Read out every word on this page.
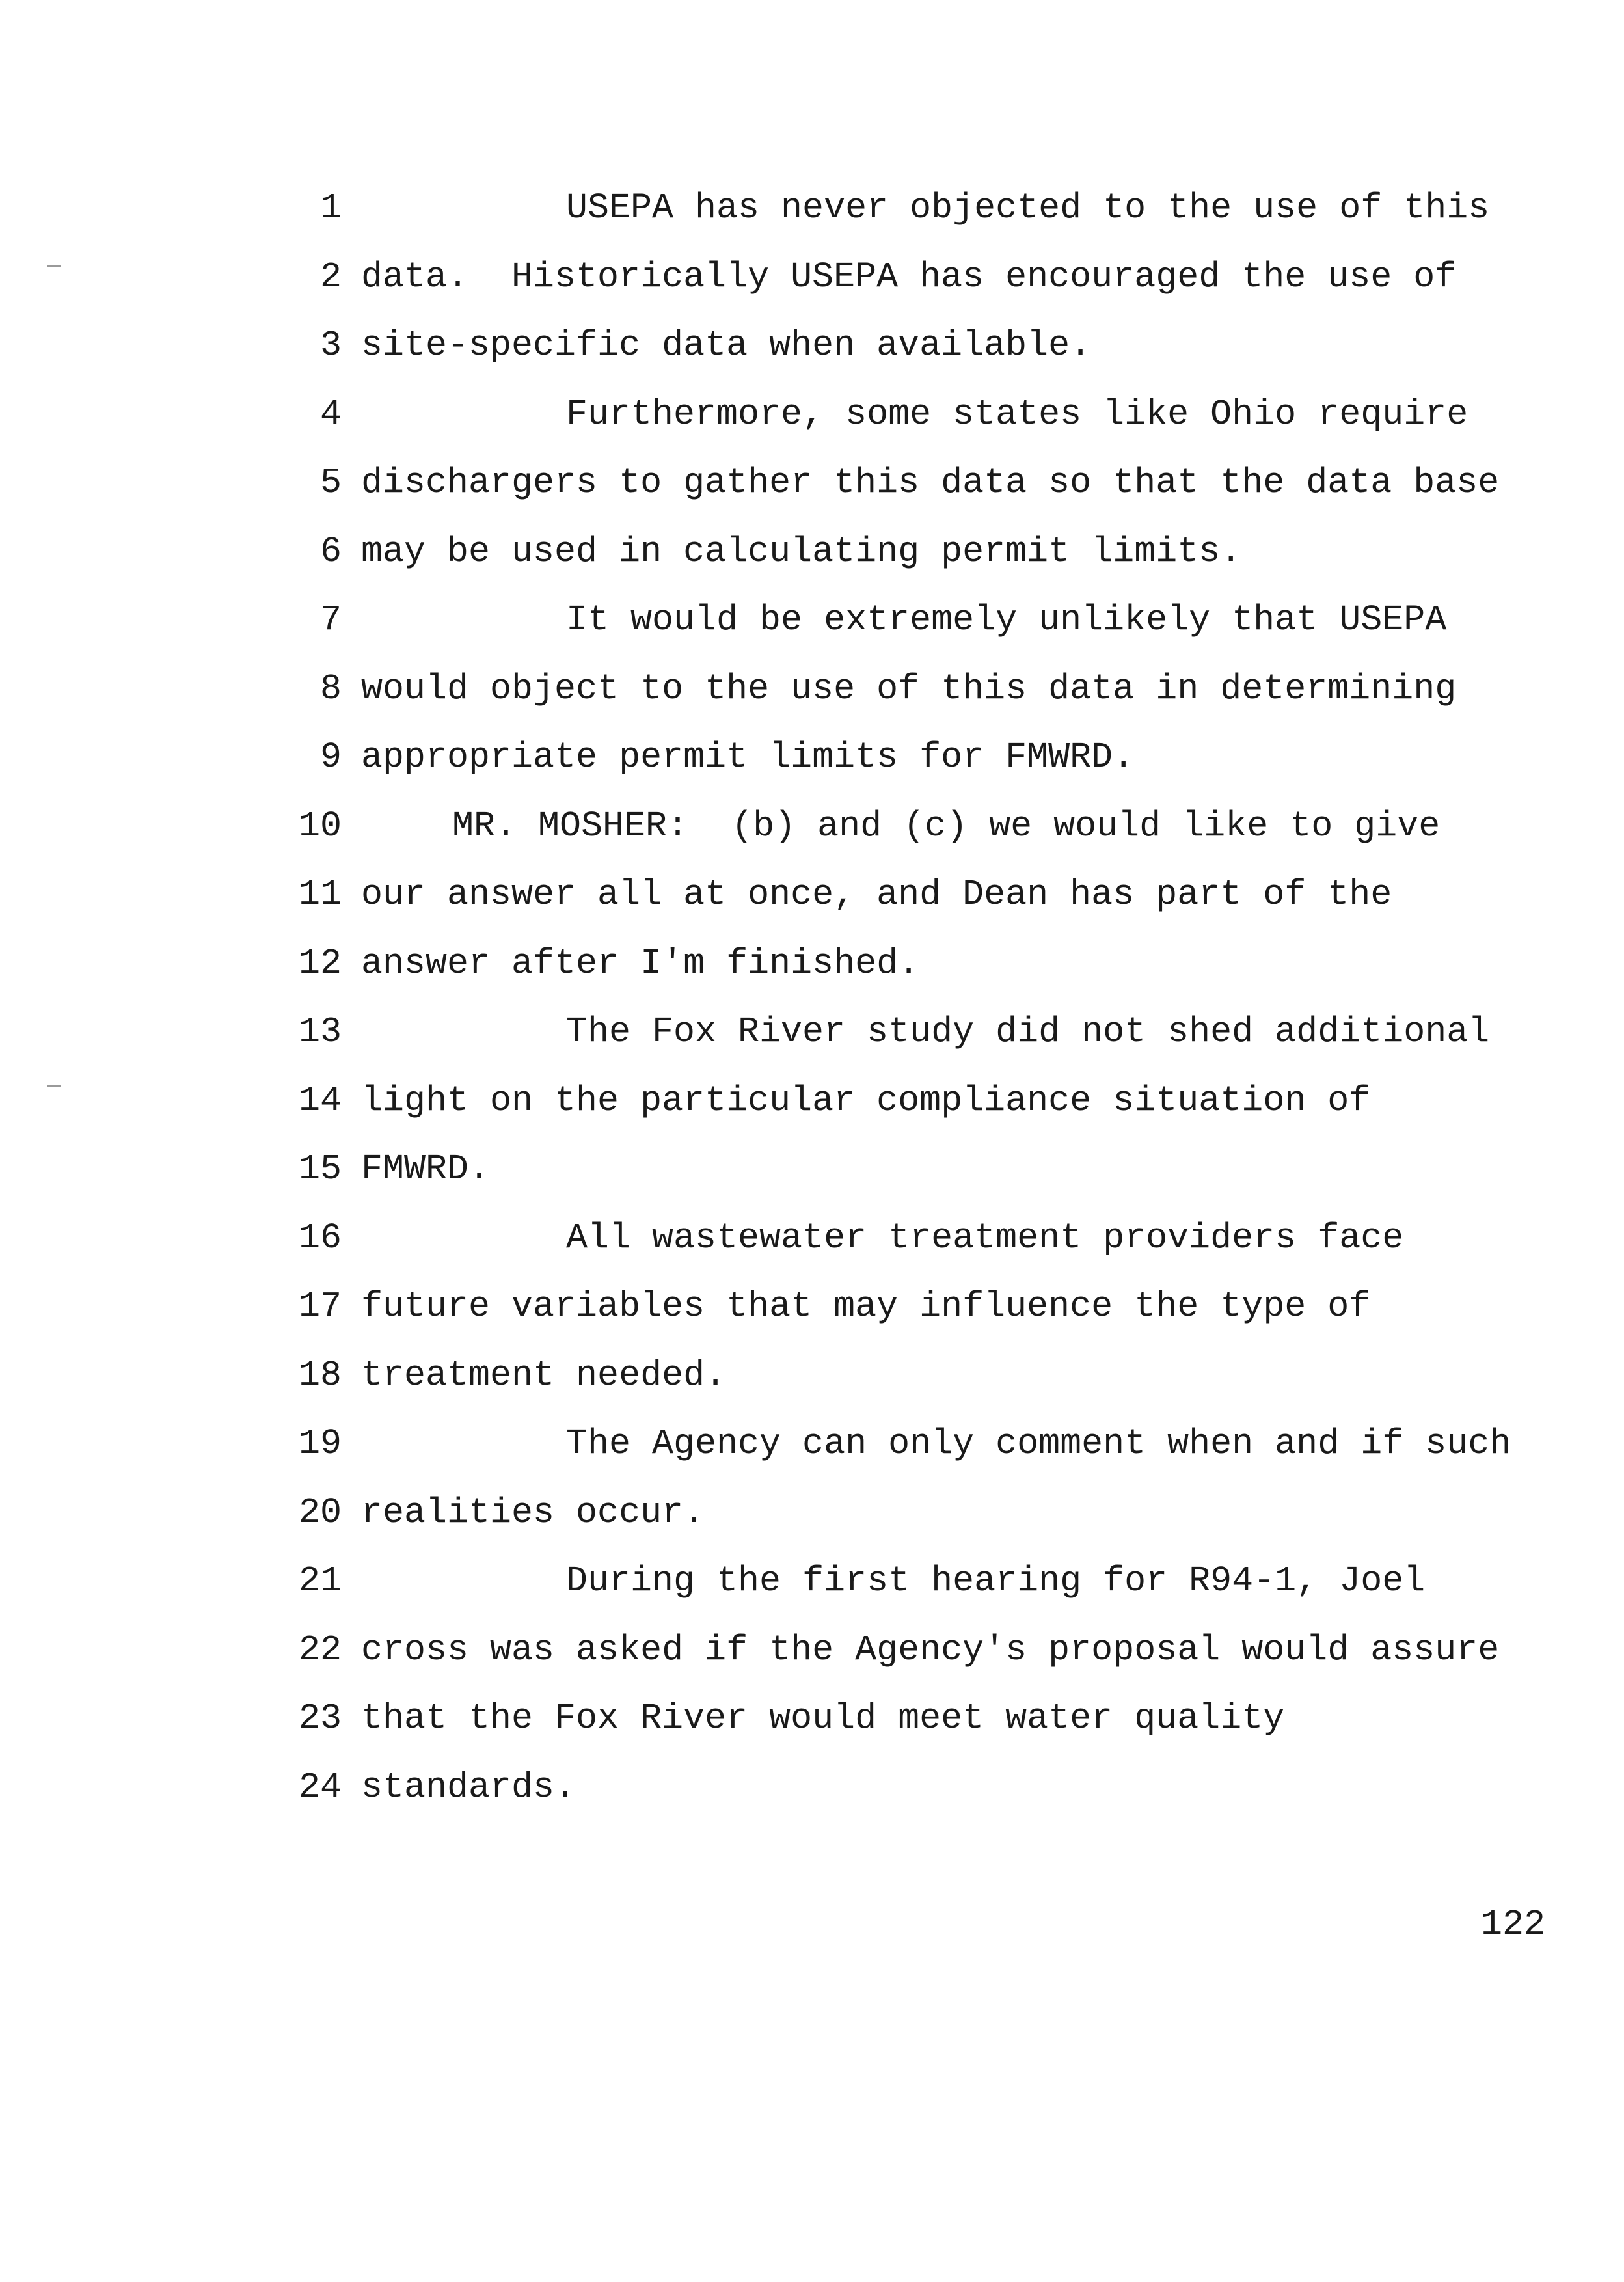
1	USEPA has never objected to the use of this
2 data.  Historically USEPA has encouraged the use of
3 site-specific data when available.
4	Furthermore, some states like Ohio require
5 dischargers to gather this data so that the data base
6 may be used in calculating permit limits.
7	It would be extremely unlikely that USEPA
8 would object to the use of this data in determining
9 appropriate permit limits for FMWRD.
10	MR. MOSHER:  (b) and (c) we would like to give
11 our answer all at once, and Dean has part of the
12 answer after I'm finished.
13	The Fox River study did not shed additional
14 light on the particular compliance situation of
15 FMWRD.
16	All wastewater treatment providers face
17 future variables that may influence the type of
18 treatment needed.
19	The Agency can only comment when and if such
20 realities occur.
21	During the first hearing for R94-1, Joel
22 cross was asked if the Agency's proposal would assure
23 that the Fox River would meet water quality
24 standards.
122
